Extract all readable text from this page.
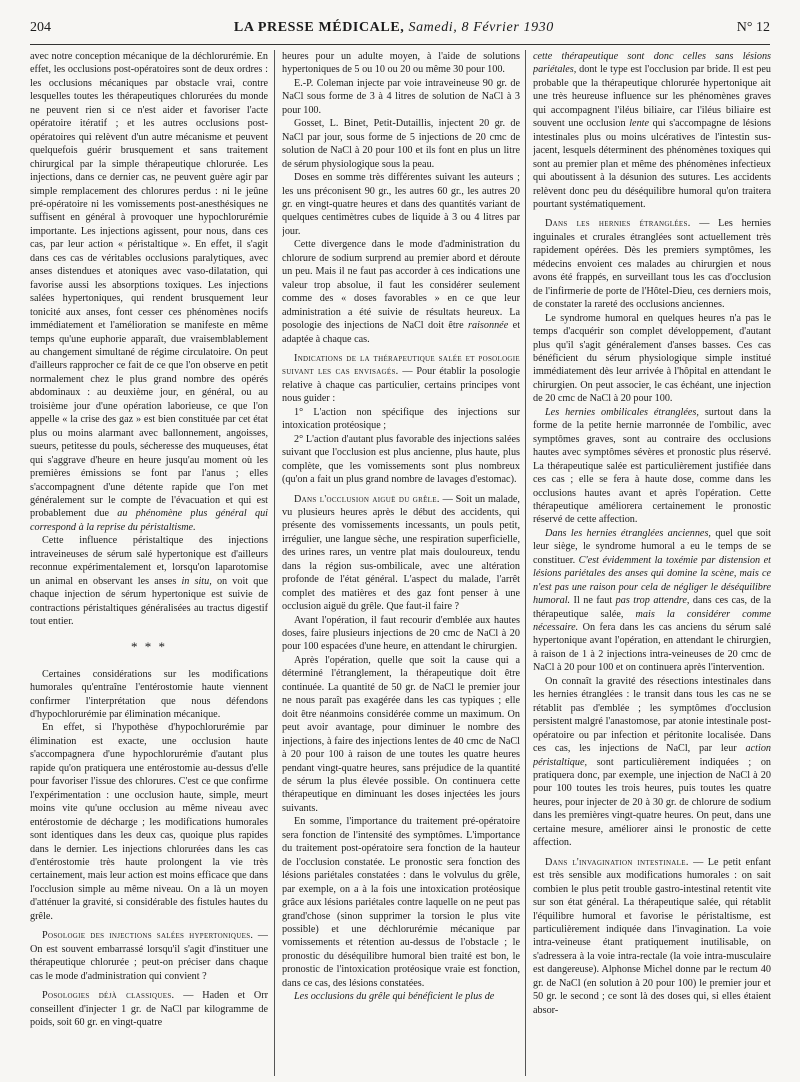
204	LA PRESSE MÉDICALE, Samedi, 8 Février 1930	N° 12

avec notre conception mécanique de la déchlorurémie. En effet, les occlusions post-opératoires sont de deux ordres : les occlusions mécaniques par obstacle vrai, contre lesquelles toutes les thérapeutiques chlorurées du monde ne peuvent rien si ce n'est aider et favoriser l'acte opératoire itératif ; et les autres occlusions post-opératoires qui relèvent d'un autre mécanisme et peuvent quelquefois guérir brusquement et sans traitement chirurgical par la simple thérapeutique chlorurée. Les injections, dans ce dernier cas, ne peuvent guère agir par simple remplacement des chlorures perdus : ni le jeûne pré-opératoire ni les vomissements post-anesthésiques ne suffisent en général à provoquer une hypochlorurémie importante. Les injections agissent, pour nous, dans ces cas, par leur action « péristaltique ». En effet, il s'agit dans ces cas de véritables occlusions paralytiques, avec anses distendues et atoniques avec vaso-dilatation, qui favorise aussi les absorptions toxiques. Les injections salées hypertoniques, qui rendent brusquement leur tonicité aux anses, font cesser ces phénomènes nocifs immédiatement et l'amélioration se manifeste en même temps qu'une euphorie apparaît, due vraisemblablement au changement simultané de régime circulatoire. On peut d'ailleurs rapprocher ce fait de ce que l'on observe en petit normalement chez le plus grand nombre des opérés abdominaux : au deuxième jour, en général, ou au troisième jour d'une opération laborieuse, ce que l'on appelle « la crise des gaz » est bien constituée par cet état plus ou moins alarmant avec ballonnement, angoisses, sueurs, petitesse du pouls, sécheresse des muqueuses, état qui s'aggrave d'heure en heure jusqu'au moment où les premières émissions se font par l'anus ; elles s'accompagnent d'une détente rapide que l'on met généralement sur le compte de l'évacuation et qui est probablement due au phénomène plus général qui correspond à la reprise du péristaltisme.

Cette influence péristaltique des injections intraveineuses de sérum salé hypertonique est d'ailleurs reconnue expérimentalement et, lorsqu'on laparotomise un animal en observant les anses in situ, on voit que chaque injection de sérum hypertonique est suivie de contractions péristaltiques généralisées au tractus digestif tout entier.

* * *

Certaines considérations sur les modifications humorales qu'entraîne l'entérostomie haute viennent confirmer l'interprétation que nous défendons d'hypochlorurémie par élimination mécanique.

En effet, si l'hypothèse d'hypochlorurémie par élimination est exacte, une occlusion haute s'accompagnera d'une hypochlorurémie d'autant plus rapide qu'on pratiquera une entérostomie au-dessus d'elle pour favoriser l'issue des chlorures. C'est ce que confirme l'expérimentation : une occlusion haute, simple, meurt moins vite qu'une occlusion au même niveau avec entérostomie de décharge ; les modifications humorales sont identiques dans les deux cas, quoique plus rapides dans le dernier. Les injections chlorurées dans les cas d'entérostomie très haute prolongent la vie très certainement, mais leur action est moins efficace que dans l'occlusion simple au même niveau. On a là un moyen d'atténuer la gravité, si considérable des fistules hautes du grêle.

Posologie des injections salées hypertoniques. — On est souvent embarrassé lorsqu'il s'agit d'instituer une thérapeutique chlorurée ; peut-on préciser dans chaque cas le mode d'administration qui convient ?

Posologies déjà classiques. — Haden et Orr conseillent d'injecter 1 gr. de NaCl par kilogramme de poids, soit 60 gr. en vingt-quatre

heures pour un adulte moyen, à l'aide de solutions hypertoniques de 5 ou 10 ou 20 ou même 30 pour 100.

E.-P. Coleman injecte par voie intraveineuse 90 gr. de NaCl sous forme de 3 à 4 litres de solution de NaCl à 3 pour 100.

Gosset, L. Binet, Petit-Dutaillis, injectent 20 gr. de NaCl par jour, sous forme de 5 injections de 20 cmc de solution de NaCl à 20 pour 100 et ils font en plus un litre de sérum physiologique sous la peau.

Doses en somme très différentes suivant les auteurs ; les uns préconisent 90 gr., les autres 60 gr., les autres 20 gr. en vingt-quatre heures et dans des quantités variant de quelques centimètres cubes de liquide à 3 ou 4 litres par jour.

Cette divergence dans le mode d'administration du chlorure de sodium surprend au premier abord et déroute un peu. Mais il ne faut pas accorder à ces indications une valeur trop absolue, il faut les considérer seulement comme des « doses favorables » en ce que leur administration a été suivie de résultats heureux. La posologie des injections de NaCl doit être raisonnée et adaptée à chaque cas.

Indications de la thérapeutique salée et posologie suivant les cas envisagés. — Pour établir la posologie relative à chaque cas particulier, certains principes vont nous guider :

1° L'action non spécifique des injections sur intoxication protéosique ;

2° L'action d'autant plus favorable des injections salées suivant que l'occlusion est plus ancienne, plus haute, plus complète, que les vomissements sont plus nombreux (qu'on a fait un plus grand nombre de lavages d'estomac).

Dans l'occlusion aiguë du grêle. — Soit un malade, vu plusieurs heures après le début des accidents, qui présente des vomissements incessants, un pouls petit, irrégulier, une langue sèche, une respiration superficielle, des urines rares, un ventre plat mais douloureux, tendu dans la région sus-ombilicale, avec une altération profonde de l'état général. L'aspect du malade, l'arrêt complet des matières et des gaz font penser à une occlusion aiguë du grêle. Que faut-il faire ?

Avant l'opération, il faut recourir d'emblée aux hautes doses, faire plusieurs injections de 20 cmc de NaCl à 20 pour 100 espacées d'une heure, en attendant le chirurgien.

Après l'opération, quelle que soit la cause qui a déterminé l'étranglement, la thérapeutique doit être continuée. La quantité de 50 gr. de NaCl le premier jour ne nous paraît pas exagérée dans les cas typiques ; elle doit être néanmoins considérée comme un maximum. On peut avoir avantage, pour diminuer le nombre des injections, à faire des injections lentes de 40 cmc de NaCl à 20 pour 100 à raison de une toutes les quatre heures pendant vingt-quatre heures, sans préjudice de la quantité de sérum la plus élevée possible. On continuera cette thérapeutique en diminuant les doses injectées les jours suivants.

En somme, l'importance du traitement pré-opératoire sera fonction de l'intensité des symptômes. L'importance du traitement post-opératoire sera fonction de la hauteur de l'occlusion constatée. Le pronostic sera fonction des lésions pariétales constatées : dans le volvulus du grêle, par exemple, on a à la fois une intoxication protéosique grâce aux lésions pariétales contre laquelle on ne peut pas grand'chose (sinon supprimer la torsion le plus vite possible) et une déchlorurémie mécanique par vomissements et rétention au-dessus de l'obstacle ; le pronostic du déséquilibre humoral bien traité est bon, le pronostic de l'intoxication protéosique vraie est fonction, dans ce cas, des lésions constatées.

Les occlusions du grêle qui bénéficient le plus de

cette thérapeutique sont donc celles sans lésions pariétales, dont le type est l'occlusion par bride. Il est peu probable que la thérapeutique chlorurée hypertonique ait une très heureuse influence sur les phénomènes graves qui accompagnent l'iléus biliaire, car l'iléus biliaire est souvent une occlusion lente qui s'accompagne de lésions intestinales plus ou moins ulcératives de l'intestin sus-jacent, lesquels déterminent des phénomènes toxiques qui sont au premier plan et même des phénomènes infectieux qui aboutissent à la désunion des sutures. Les accidents relèvent donc peu du déséquilibre humoral qu'on traitera pourtant systématiquement.

Dans les hernies étranglées. — Les hernies inguinales et crurales étranglées sont actuellement très rapidement opérées. Dès les premiers symptômes, les médecins envoient ces malades au chirurgien et nous avons été frappés, en surveillant tous les cas d'occlusion de l'infirmerie de porte de l'Hôtel-Dieu, ces derniers mois, de constater la rareté des occlusions anciennes.

Le syndrome humoral en quelques heures n'a pas le temps d'acquérir son complet développement, d'autant plus qu'il s'agit généralement d'anses basses. Ces cas bénéficient du sérum physiologique simple institué immédiatement dès leur arrivée à l'hôpital en attendant le chirurgien. On peut associer, le cas échéant, une injection de 20 cmc de NaCl à 20 pour 100.

Les hernies ombilicales étranglées, surtout dans la forme de la petite hernie marronnée de l'ombilic, avec symptômes graves, sont au contraire des occlusions hautes avec symptômes sévères et pronostic plus réservé. La thérapeutique salée est particulièrement justifiée dans ces cas ; elle se fera à haute dose, comme dans les occlusions hautes avant et après l'opération. Cette thérapeutique améliorera certainement le pronostic réservé de cette affection.

Dans les hernies étranglées anciennes, quel que soit leur siège, le syndrome humoral a eu le temps de se constituer. C'est évidemment la toxémie par distension et lésions pariétales des anses qui domine la scène, mais ce n'est pas une raison pour cela de négliger le déséquilibre humoral. Il ne faut pas trop attendre, dans ces cas, de la thérapeutique salée, mais la considérer comme nécessaire. On fera dans les cas anciens du sérum salé hypertonique avant l'opération, en attendant le chirurgien, à raison de 1 à 2 injections intra-veineuses de 20 cmc de NaCl à 20 pour 100 et on continuera après l'intervention.

On connaît la gravité des résections intestinales dans les hernies étranglées : le transit dans tous les cas ne se rétablit pas d'emblée ; les symptômes d'occlusion persistent malgré l'anastomose, par atonie intestinale post-opératoire ou par infection et péritonite localisée. Dans ces cas, les injections de NaCl, par leur action péristaltique, sont particulièrement indiquées ; on pratiquera donc, par exemple, une injection de NaCl à 20 pour 100 toutes les trois heures, puis toutes les quatre heures, pour injecter de 20 à 30 gr. de chlorure de sodium dans les premières vingt-quatre heures. On peut, dans une certaine mesure, améliorer ainsi le pronostic de cette affection.

Dans l'invagination intestinale. — Le petit enfant est très sensible aux modifications humorales : on sait combien le plus petit trouble gastro-intestinal retentit vite sur son état général. La thérapeutique salée, qui rétablit l'équilibre humoral et favorise le péristaltisme, est particulièrement indiquée dans l'invagination. La voie intra-veineuse étant pratiquement inutilisable, on s'adressera à la voie intra-rectale (la voie intra-musculaire est dangereuse). Alphonse Michel donne par le rectum 40 gr. de NaCl (en solution à 20 pour 100) le premier jour et 50 gr. le second ; ce sont là des doses qui, si elles étaient absor-
